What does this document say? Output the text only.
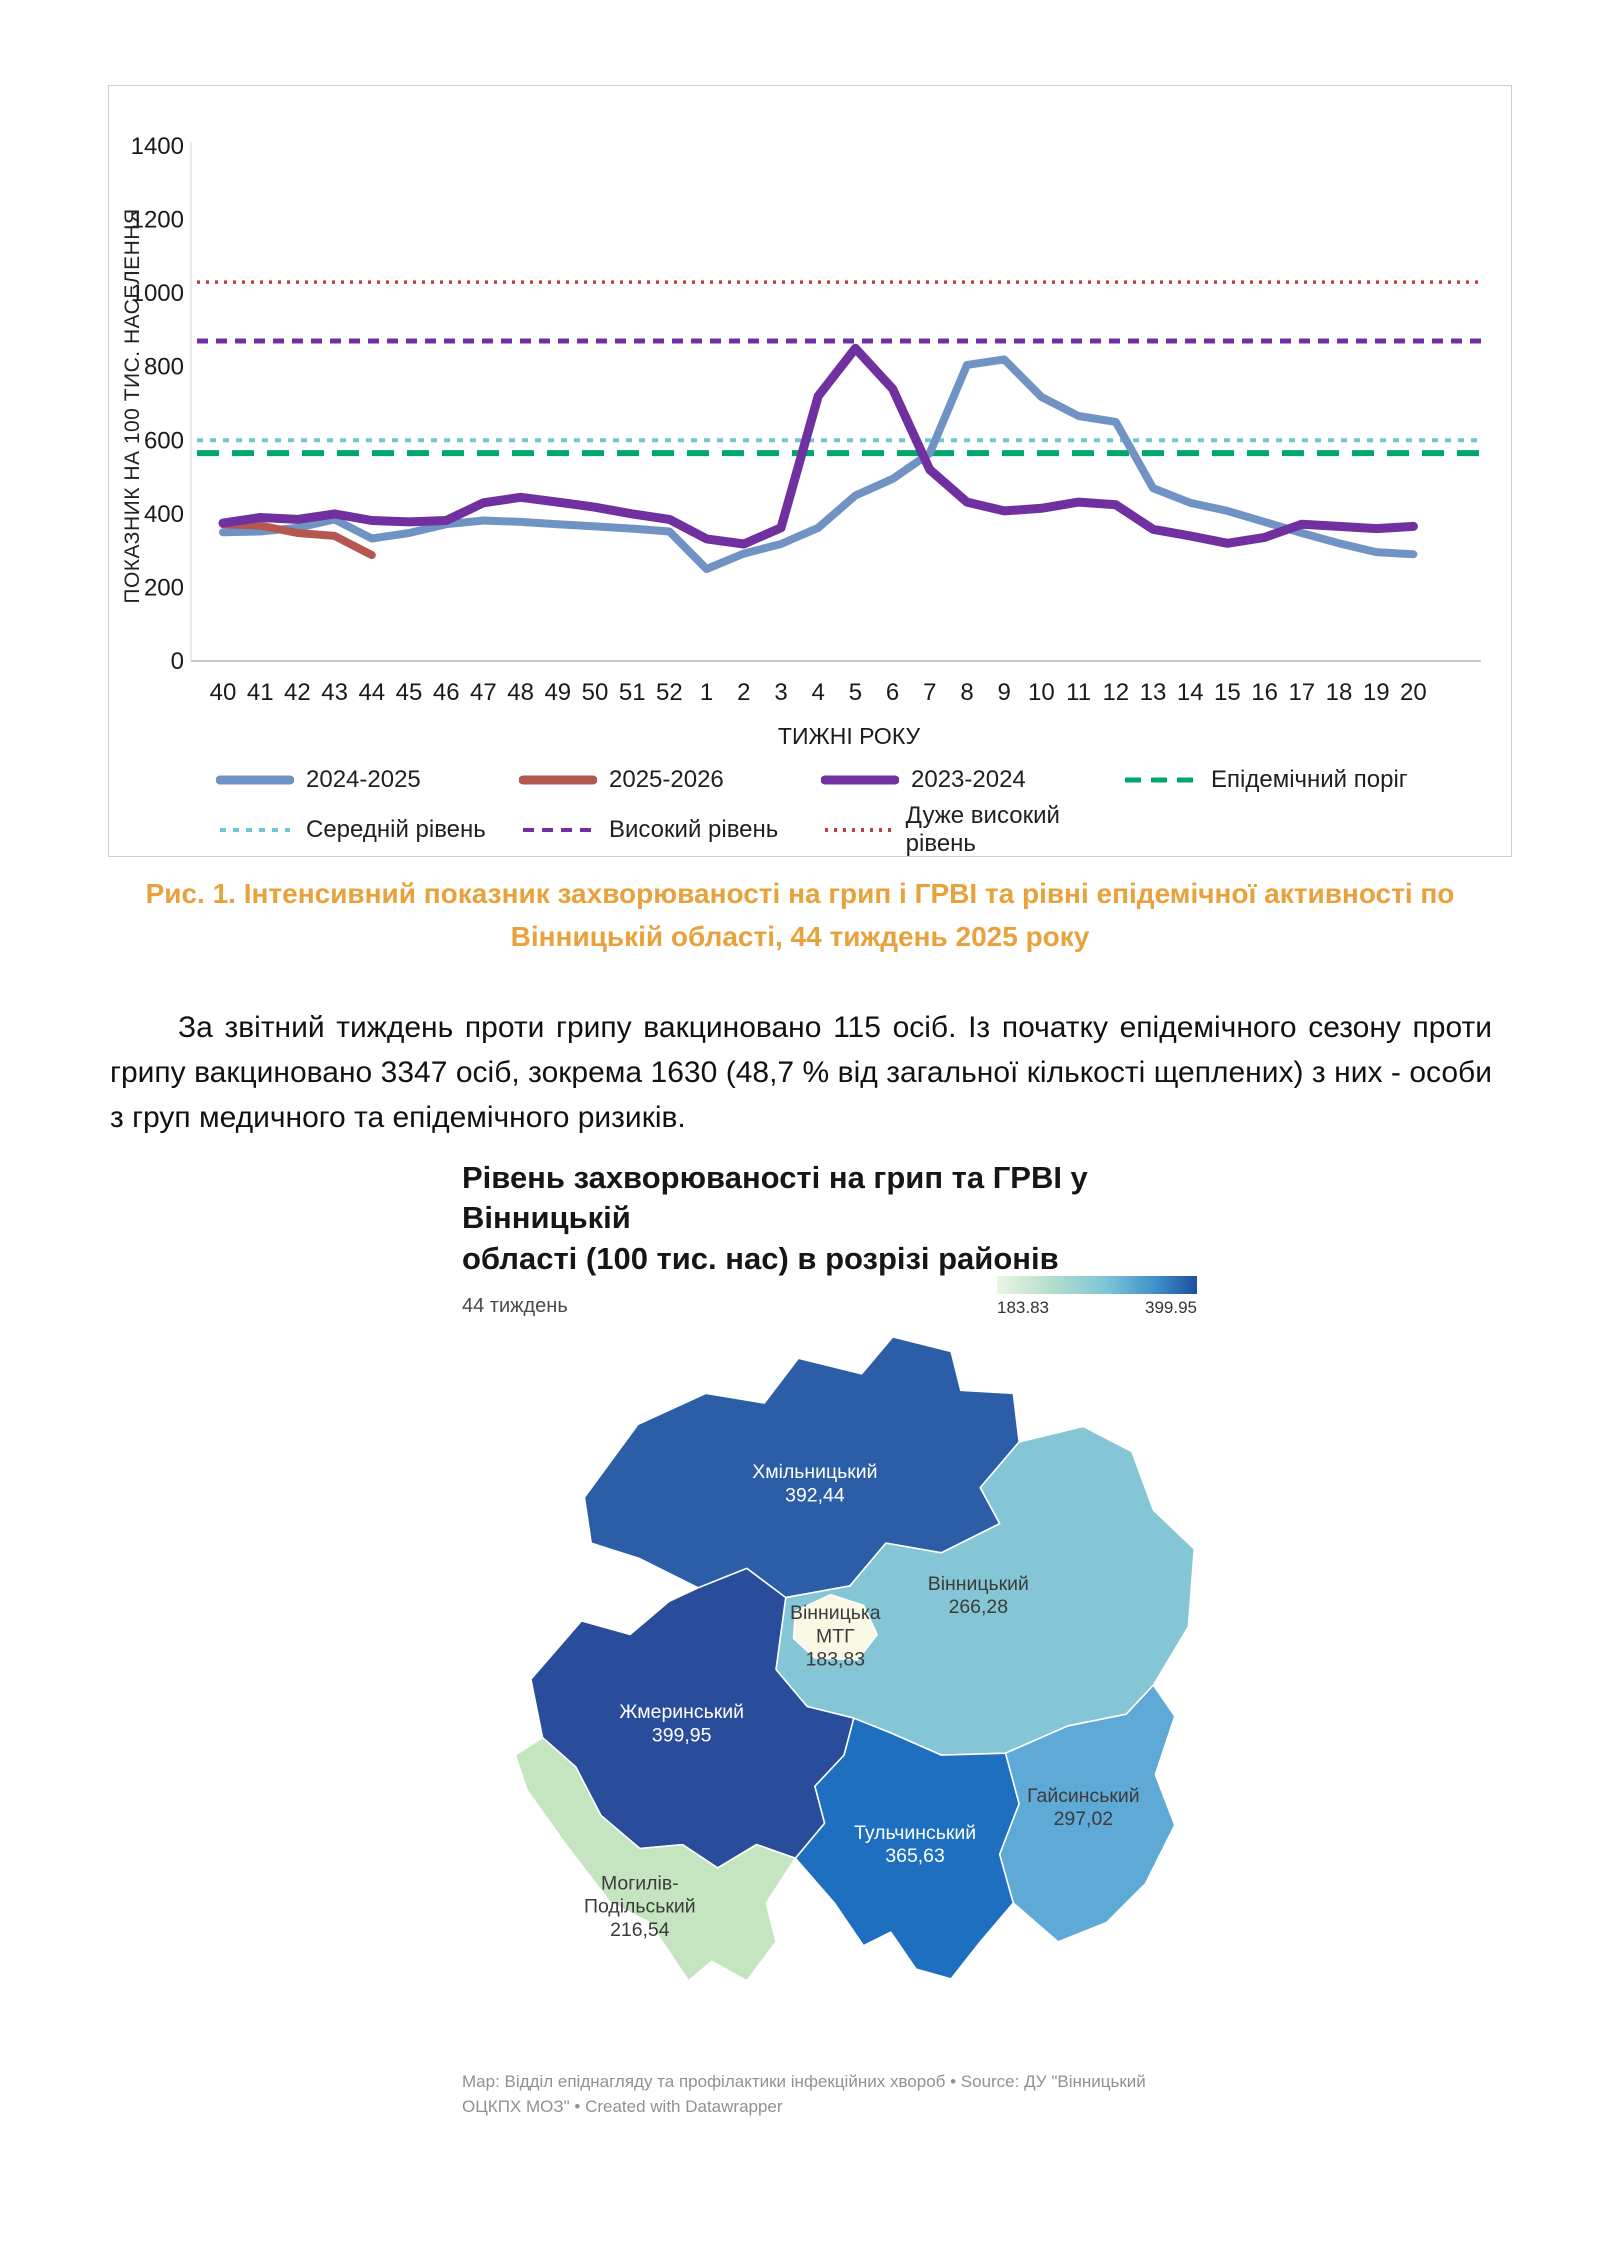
0
200
400
600
800
1000
1200
1400
40 41 42 43 44 45 46 47 48 49 50 51 52 1 2 3 4 5 6 7 8 9 10 11 12 13 14 15 16 17 18 19 20
ТИЖНІ РОКУ
ПОКАЗНИК НА 100 ТИС. НАСЕЛЕННЯ
2024-2025	2025-2026	2023-2024	Епідемічний поріг
Середній рівень	Високий рівень
Дуже високий рівень
Рис. 1. Інтенсивний показник захворюваності на грип і ГРВІ та рівні епідемічної активності по
Вінницькій області, 44 тиждень 2025 року

За звітний тиждень проти грипу вакциновано 115 осіб. Із початку епідемічного сезону проти грипу вакциновано 3347 осіб, зокрема 1630 (48,7 % від загальної кількості щеплених) з них - особи з груп медичного та епідемічного ризиків.

Рівень захворюваності на грип та ГРВІ у Вінницькій
області (100 тис. нас) в розрізі районів
44 тиждень	183.83	399.95
Хмільницький
392,44
Вінницький
266,28
Вінницька
МТГ
183,83
Жмеринський
399,95
Могилів-
Подільський
216,54
Тульчинський
365,63
Гайсинський
297,02
Map: Відділ епіднагляду та профілактики інфекційних хвороб • Source: ДУ "Вінницький ОЦКПХ МОЗ" • Created with Datawrapper
